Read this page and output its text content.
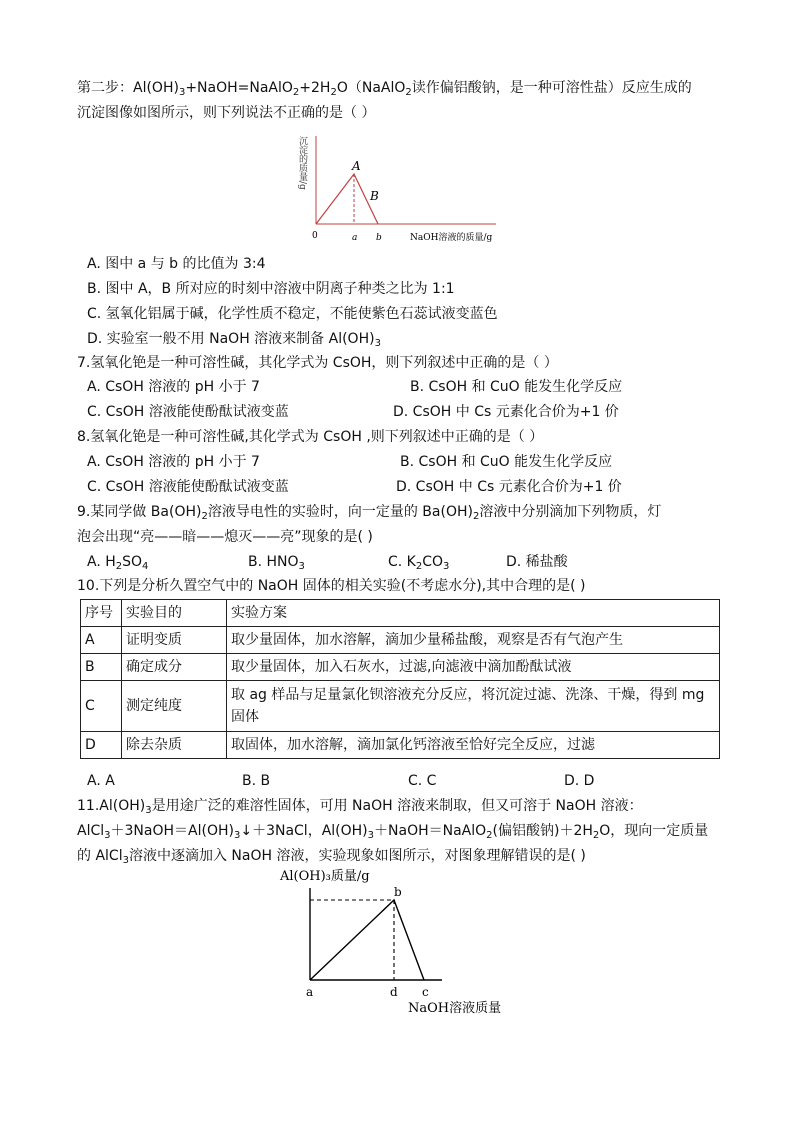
第二步：$Al(OH)_3+NaOH=NaAlO_2+2H_2O(NaAlO_2$读作偏铝酸钠，是一种可溶性盐）反应生成的
沉淀图像如图所示，则下列说法不正确的是（ ）
沉淀的质量/g	A
B
0	a b	NaOH溶液的质量/g
A. 图中 a 与 b 的比值为 3:4
B. 图中 A，B 所对应的时刻中溶液中阴离子种类之比为 1:1
C. 氢氧化铝属于碱，化学性质不稳定，不能使紫色石蕊试液变蓝色
D. 实验室一般不用 NaOH 溶液来制备 $Al(OH)_3$
7.氢氧化铯是一种可溶性碱，其化学式为 CsOH，则下列叙述中正确的是（ ）
A. CsOH 溶液的 pH 小于 7	B. CsOH 和 CuO 能发生化学反应
C. CsOH 溶液能使酚酞试液变蓝	D. CsOH 中 Cs 元素化合价为+1 价
8.氢氧化铯是一种可溶性碱,其化学式为 CsOH ,则下列叙述中正确的是（ ）
A. CsOH 溶液的 pH 小于 7	B. CsOH 和 CuO 能发生化学反应
C. CsOH 溶液能使酚酞试液变蓝	D. CsOH 中 Cs 元素化合价为+1 价
9.某同学做 $Ba(OH)_2$溶液导电性的实验时，向一定量的 $Ba(OH)_2$溶液中分别滴加下列物质，灯
泡会出现“亮——暗——熄灭——亮”现象的是( )
A. $H_2SO_4$	B. $HNO_3$	C. $K_2CO_3$	D. 稀盐酸
10.下列是分析久置空气中的 NaOH 固体的相关实验(不考虑水分),其中合理的是( )
序号	实验目的	实验方案
A	证明变质	取少量固体，加水溶解，滴加少量稀盐酸，观察是否有气泡产生
B	确定成分	取少量固体，加入石灰水，过滤,向滤液中滴加酚酞试液
C	测定纯度	取 ag 样品与足量氯化钡溶液充分反应，将沉淀过滤、洗涤、干燥，得到 mg 固体
D	除去杂质	取固体，加水溶解，滴加氯化钙溶液至恰好完全反应，过滤
A. A	B. B	C. C	D. D
$11.Al(OH)_3$是用途广泛的难溶性固体，可用 NaOH 溶液来制取，但又可溶于 NaOH 溶液：
$AlCl_3+3NaOH=Al(OH)_3↓+3NaCl$，$Al(OH)_3+NaOH=NaAlO_2$(偏铝酸钠)$+2H_2O$，现向一定质量
的 AlCl$_3$溶液中逐滴加入 NaOH 溶液，实验现象如图所示，对图象理解错误的是( )
Al(OH)₃质量/g
b
a	d c
NaOH溶液质量
